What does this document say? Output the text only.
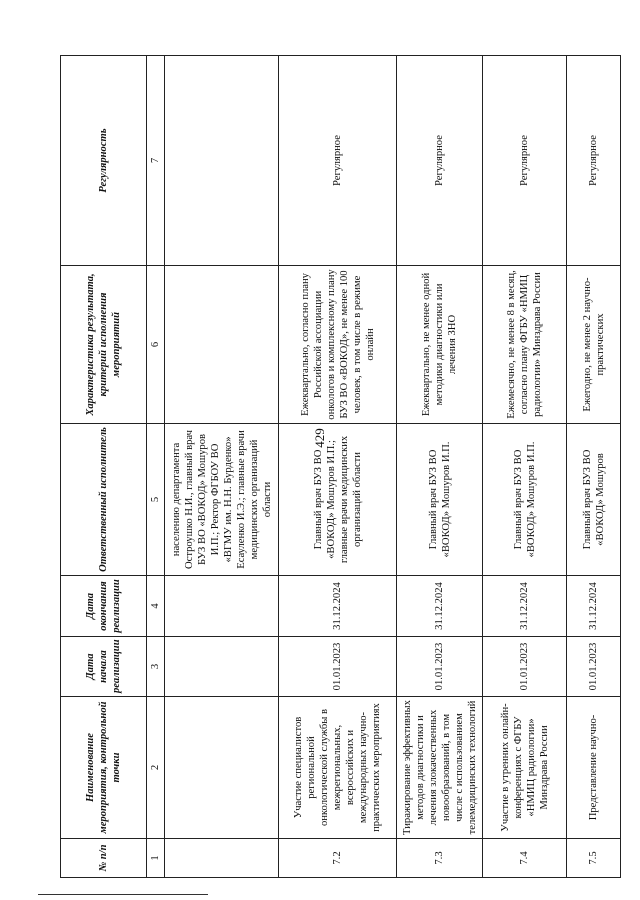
429
№ п/п	Наименование мероприятия, контрольной точки	Дата начала реализации	Дата окончания реализации	Ответственный исполнитель	Характеристика результата, критерий исполнения мероприятий	Регулярность
1	2	3	4	5	6	7
				населению департамента Остроушко Н.И., главный врач БУЗ ВО «ВОКОД» Мошуров И.П.; Ректор ФГБОУ ВО «ВГМУ им. Н.Н. Бурденко» Есауленко И.Э.; главные врачи медицинских организаций области		
7.2	Участие специалистов региональной онкологической службы в межрегиональных, всероссийских и международных научно-практических мероприятиях	01.01.2023	31.12.2024	Главный врач БУЗ ВО «ВОКОД» Мошуров И.П.; главные врачи медицинских организаций области	Ежеквартально, согласно плану Российской ассоциации онкологов и комплексному плану БУЗ ВО «ВОКОД», не менее 100 человек, в том числе в режиме онлайн	Регулярное
7.3	Тиражирование эффективных методов диагностики и лечения злокачественных новообразований, в том числе с использованием телемедицинских технологий	01.01.2023	31.12.2024	Главный врач БУЗ ВО «ВОКОД» Мошуров И.П.	Ежеквартально, не менее одной методики диагностики или лечения ЗНО	Регулярное
7.4	Участие в утренних онлайн-конференциях с ФГБУ «НМИЦ радиологии» Минздрава России	01.01.2023	31.12.2024	Главный врач БУЗ ВО «ВОКОД» Мошуров И.П.	Ежемесячно, не менее 8 в месяц, согласно плану ФГБУ «НМИЦ радиологии» Минздрава России	Регулярное
7.5	Представление научно-	01.01.2023	31.12.2024	Главный врач БУЗ ВО «ВОКОД» Мошуров	Ежегодно, не менее 2 научно-практических	Регулярное
